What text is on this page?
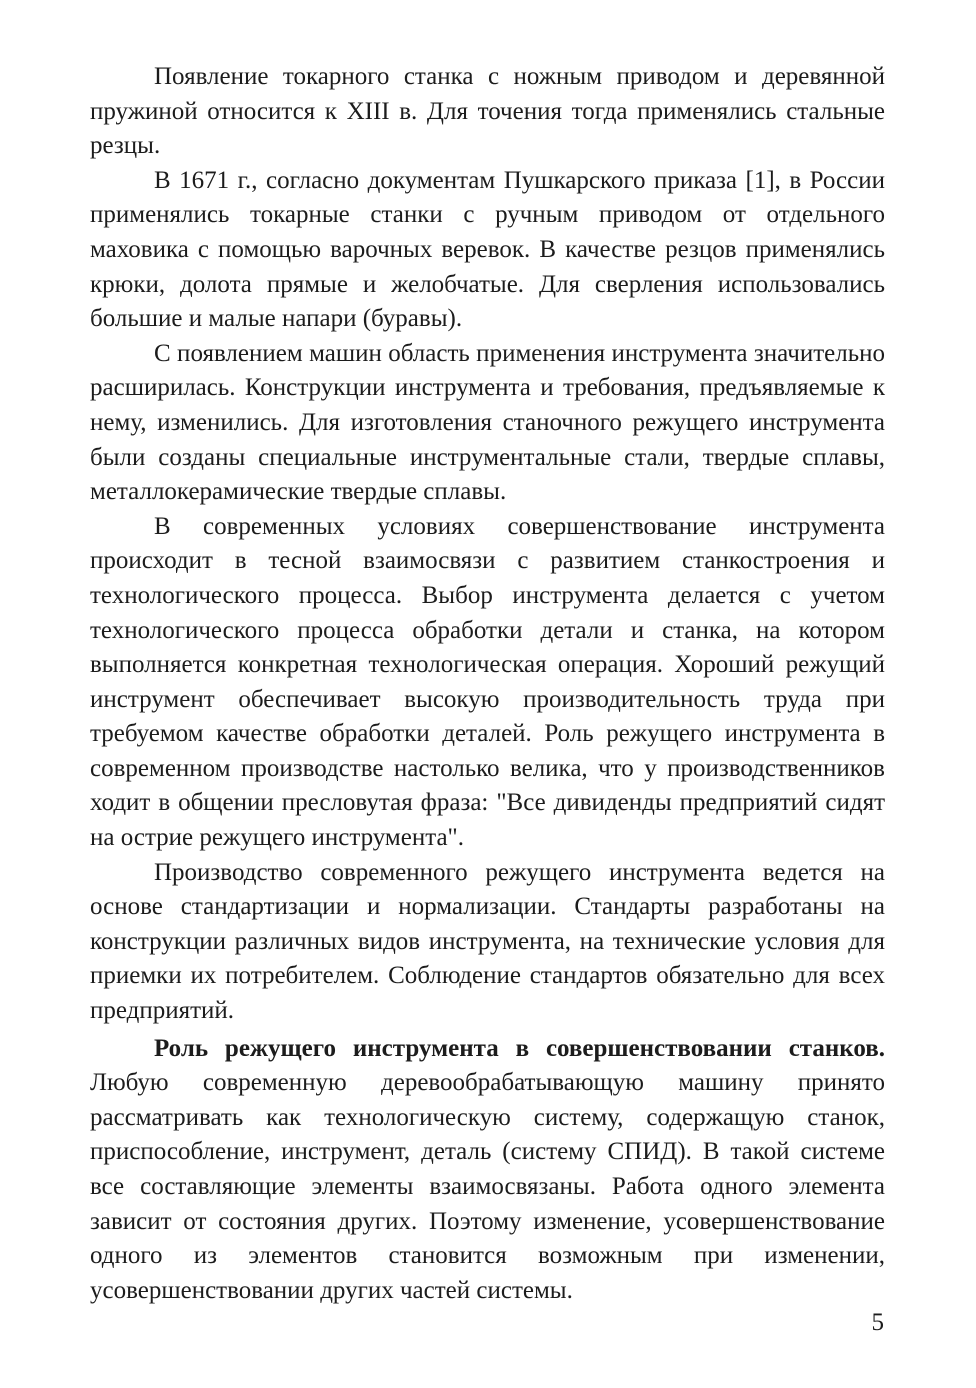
Появление токарного станка с ножным приводом и деревянной пружиной относится к XIII в. Для точения тогда применялись стальные резцы.

В 1671 г., согласно документам Пушкарского приказа [1], в России применялись токарные станки с ручным приводом от отдельного маховика с помощью варочных веревок. В качестве резцов применялись крюки, долота прямые и желобчатые. Для сверления использовались большие и малые напари (буравы).

С появлением машин область применения инструмента значительно расширилась. Конструкции инструмента и требования, предъявляемые к нему, изменились. Для изготовления станочного режущего инструмента были созданы специальные инструментальные стали, твердые сплавы, металлокерамические твердые сплавы.

В современных условиях совершенствование инструмента происходит в тесной взаимосвязи с развитием станкостроения и технологического процесса. Выбор инструмента делается с учетом технологического процесса обработки детали и станка, на котором выполняется конкретная технологическая операция. Хороший режущий инструмент обеспечивает высокую производительность труда при требуемом качестве обработки деталей. Роль режущего инструмента в современном производстве настолько велика, что у производственников ходит в общении пресловутая фраза: "Все дивиденды предприятий сидят на острие режущего инструмента".

Производство современного режущего инструмента ведется на основе стандартизации и нормализации. Стандарты разработаны на конструкции различных видов инструмента, на технические условия для приемки их потребителем. Соблюдение стандартов обязательно для всех предприятий.

Роль режущего инструмента в совершенствовании станков. Любую современную деревообрабатывающую машину принято рассматривать как технологическую систему, содержащую станок, приспособление, инструмент, деталь (систему СПИД). В такой системе все составляющие элементы взаимосвязаны. Работа одного элемента зависит от состояния других. Поэтому изменение, усовершенствование одного из элементов становится возможным при изменении, усовершенствовании других частей системы.

5
